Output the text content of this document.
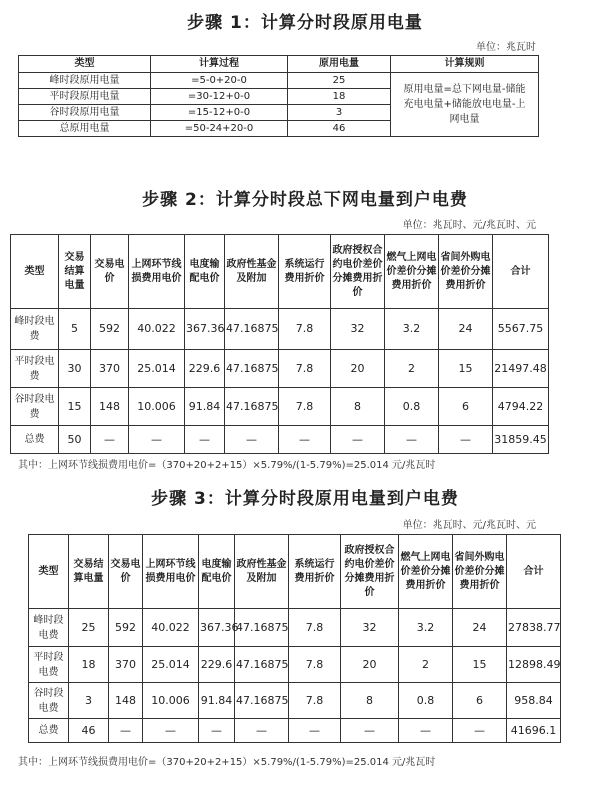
步骤 1：计算分时段原用电量
单位：兆瓦时
类型	计算过程	原用电量	计算规则
峰时段原用电量	=5-0+20-0	25	原用电量=总下网电量-储能充电电量+储能放电电量-上网电量
平时段原用电量	=30-12+0-0	18	
谷时段原用电量	=15-12+0-0	3	
总原用电量	=50-24+20-0	46	
步骤 2：计算分时段总下网电量到户电费
单位：兆瓦时、元/兆瓦时、元
类型	交易结算电量	交易电价	上网环节线损费用电价	电度输配电价	政府性基金及附加	系统运行费用折价	政府授权合约电价差价分摊费用折价	燃气上网电价差价分摊费用折价	省间外购电价差价分摊费用折价	合计
峰时段电费	5	592	40.022	367.36	47.16875	7.8	32	3.2	24	5567.75
平时段电费	30	370	25.014	229.6	47.16875	7.8	20	2	15	21497.48
谷时段电费	15	148	10.006	91.84	47.16875	7.8	8	0.8	6	4794.22
总费	50	—	—	—	—	—	—	—	—	31859.45
其中：上网环节线损费用电价=（370+20+2+15）×5.79%/(1-5.79%)=25.014 元/兆瓦时
步骤 3：计算分时段原用电量到户电费
单位：兆瓦时、元/兆瓦时、元
类型	交易结算电量	交易电价	上网环节线损费用电价	电度输配电价	政府性基金及附加	系统运行费用折价	政府授权合约电价差价分摊费用折价	燃气上网电价差价分摊费用折价	省间外购电价差价分摊费用折价	合计
峰时段电费	25	592	40.022	367.36	47.16875	7.8	32	3.2	24	27838.77
平时段电费	18	370	25.014	229.6	47.16875	7.8	20	2	15	12898.49
谷时段电费	3	148	10.006	91.84	47.16875	7.8	8	0.8	6	958.84
总费	46	—	—	—	—	—	—	—	—	41696.1
其中：上网环节线损费用电价=（370+20+2+15）×5.79%/(1-5.79%)=25.014 元/兆瓦时
